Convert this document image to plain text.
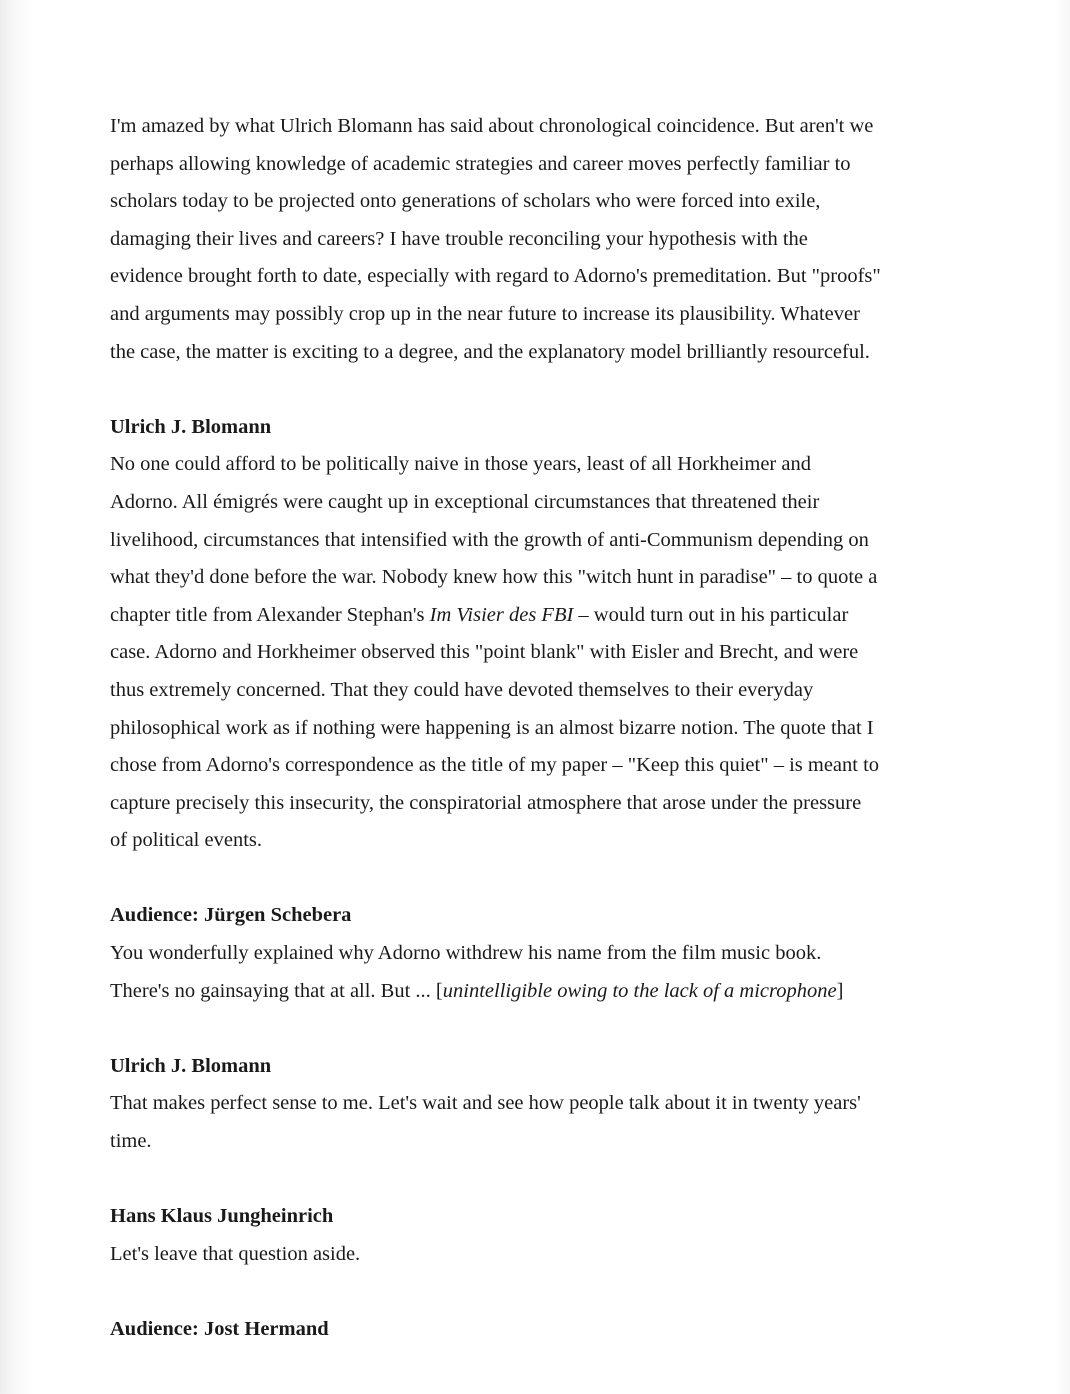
I'm amazed by what Ulrich Blomann has said about chronological coincidence. But aren't we

perhaps allowing knowledge of academic strategies and career moves perfectly familiar to

scholars today to be projected onto generations of scholars who were forced into exile,

damaging their lives and careers? I have trouble reconciling your hypothesis with the

evidence brought forth to date, especially with regard to Adorno's premeditation. But "proofs"

and arguments may possibly crop up in the near future to increase its plausibility. Whatever

the case, the matter is exciting to a degree, and the explanatory model brilliantly resourceful.

Ulrich J. Blomann

No one could afford to be politically naive in those years, least of all Horkheimer and

Adorno. All émigrés were caught up in exceptional circumstances that threatened their

livelihood, circumstances that intensified with the growth of anti-Communism depending on

what they'd done before the war. Nobody knew how this "witch hunt in paradise" – to quote a

chapter title from Alexander Stephan's Im Visier des FBI – would turn out in his particular

case. Adorno and Horkheimer observed this "point blank" with Eisler and Brecht, and were

thus extremely concerned. That they could have devoted themselves to their everyday

philosophical work as if nothing were happening is an almost bizarre notion. The quote that I

chose from Adorno's correspondence as the title of my paper – "Keep this quiet" – is meant to

capture precisely this insecurity, the conspiratorial atmosphere that arose under the pressure

of political events.

Audience: Jürgen Schebera

You wonderfully explained why Adorno withdrew his name from the film music book.

There's no gainsaying that at all. But ... [unintelligible owing to the lack of a microphone]

Ulrich J. Blomann

That makes perfect sense to me. Let's wait and see how people talk about it in twenty years'

time.

Hans Klaus Jungheinrich

Let's leave that question aside.

Audience: Jost Hermand
